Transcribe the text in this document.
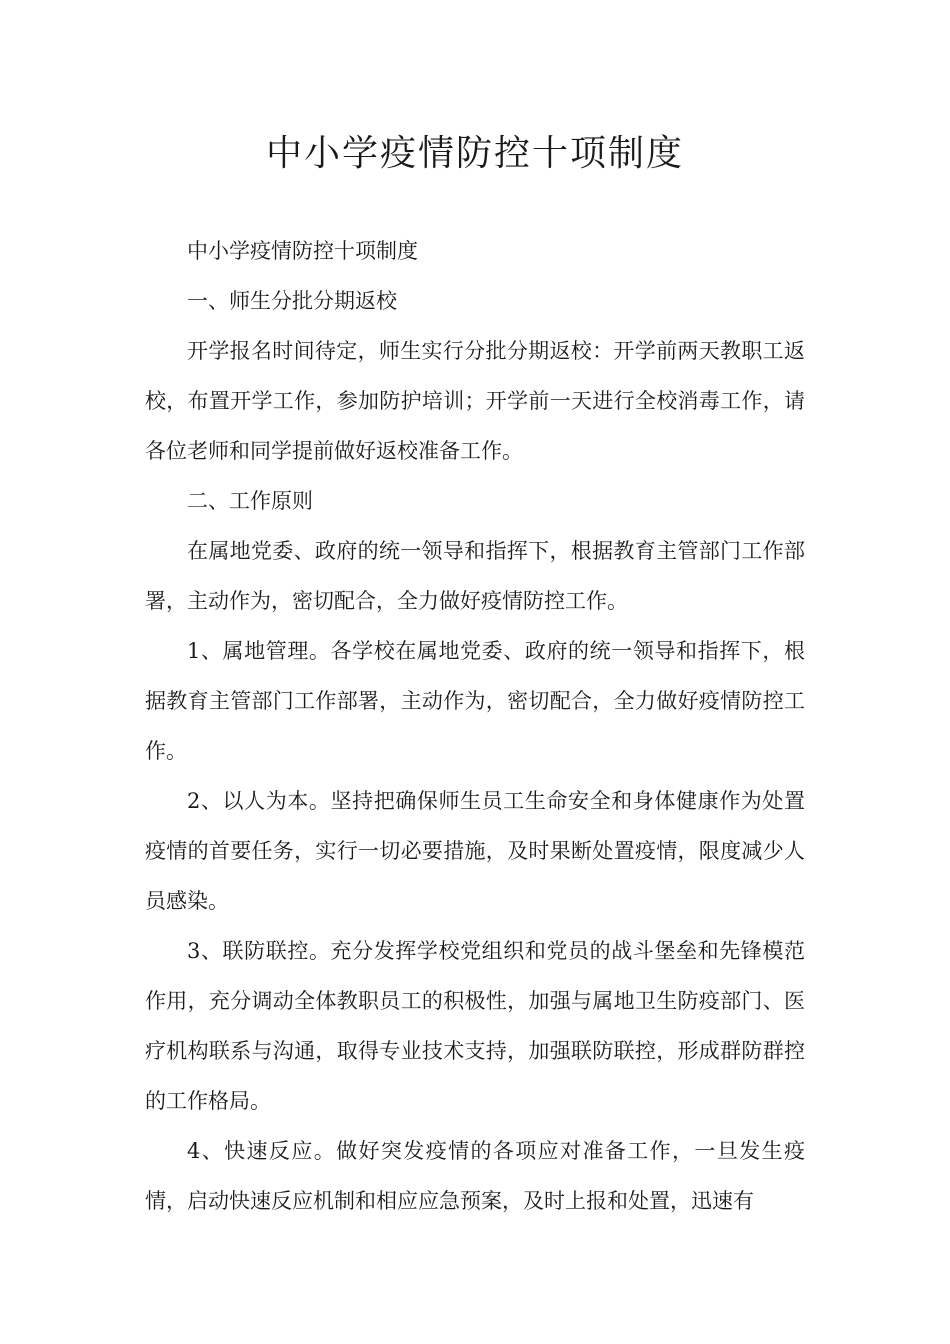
中小学疫情防控十项制度

中小学疫情防控十项制度

一、师生分批分期返校

开学报名时间待定，师生实行分批分期返校：开学前两天教职工返校，布置开学工作，参加防护培训；开学前一天进行全校消毒工作，请各位老师和同学提前做好返校准备工作。

二、工作原则

在属地党委、政府的统一领导和指挥下，根据教育主管部门工作部署，主动作为，密切配合，全力做好疫情防控工作。

1、属地管理。各学校在属地党委、政府的统一领导和指挥下，根据教育主管部门工作部署，主动作为，密切配合，全力做好疫情防控工作。

2、以人为本。坚持把确保师生员工生命安全和身体健康作为处置疫情的首要任务，实行一切必要措施，及时果断处置疫情，限度减少人员感染。

3、联防联控。充分发挥学校党组织和党员的战斗堡垒和先锋模范作用，充分调动全体教职员工的积极性，加强与属地卫生防疫部门、医疗机构联系与沟通，取得专业技术支持，加强联防联控，形成群防群控的工作格局。

4、快速反应。做好突发疫情的各项应对准备工作，一旦发生疫情，启动快速反应机制和相应应急预案，及时上报和处置，迅速有
